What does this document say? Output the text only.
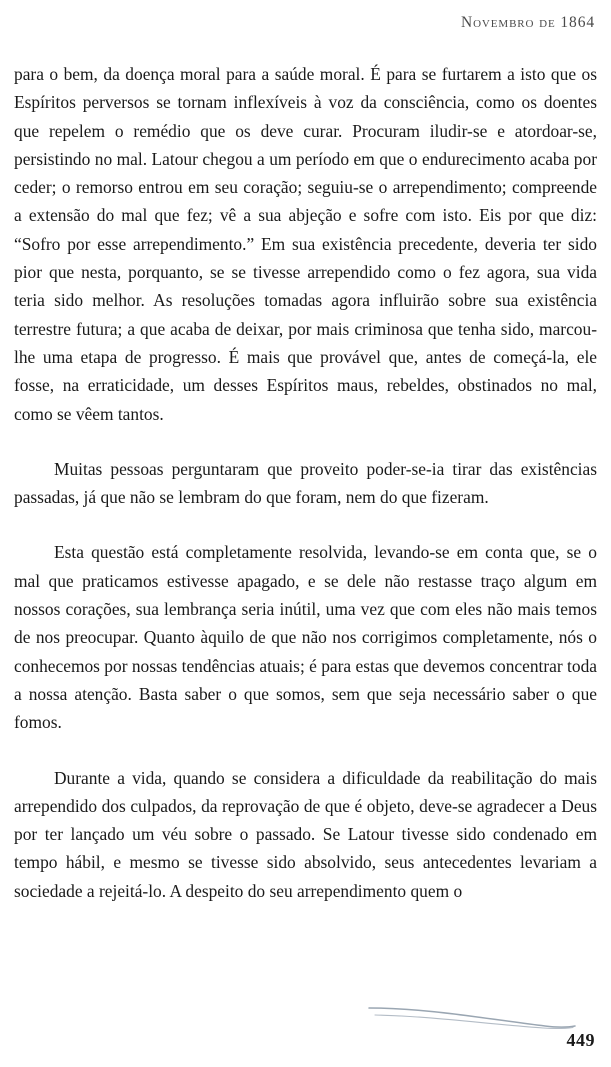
Novembro de 1864

para o bem, da doença moral para a saúde moral. É para se furtarem a isto que os Espíritos perversos se tornam inflexíveis à voz da consciência, como os doentes que repelem o remédio que os deve curar. Procuram iludir-se e atordoar-se, persistindo no mal. Latour chegou a um período em que o endurecimento acaba por ceder; o remorso entrou em seu coração; seguiu-se o arrependimento; compreende a extensão do mal que fez; vê a sua abjeção e sofre com isto. Eis por que diz: “Sofro por esse arrependimento.” Em sua existência precedente, deveria ter sido pior que nesta, porquanto, se se tivesse arrependido como o fez agora, sua vida teria sido melhor. As resoluções tomadas agora influirão sobre sua existência terrestre futura; a que acaba de deixar, por mais criminosa que tenha sido, marcou-lhe uma etapa de progresso. É mais que provável que, antes de começá-la, ele fosse, na erraticidade, um desses Espíritos maus, rebeldes, obstinados no mal, como se vêem tantos.

Muitas pessoas perguntaram que proveito poder-se-ia tirar das existências passadas, já que não se lembram do que foram, nem do que fizeram.

Esta questão está completamente resolvida, levando-se em conta que, se o mal que praticamos estivesse apagado, e se dele não restasse traço algum em nossos corações, sua lembrança seria inútil, uma vez que com eles não mais temos de nos preocupar. Quanto àquilo de que não nos corrigimos completamente, nós o conhecemos por nossas tendências atuais; é para estas que devemos concentrar toda a nossa atenção. Basta saber o que somos, sem que seja necessário saber o que fomos.

Durante a vida, quando se considera a dificuldade da reabilitação do mais arrependido dos culpados, da reprovação de que é objeto, deve-se agradecer a Deus por ter lançado um véu sobre o passado. Se Latour tivesse sido condenado em tempo hábil, e mesmo se tivesse sido absolvido, seus antecedentes levariam a sociedade a rejeitá-lo. A despeito do seu arrependimento quem o

449
